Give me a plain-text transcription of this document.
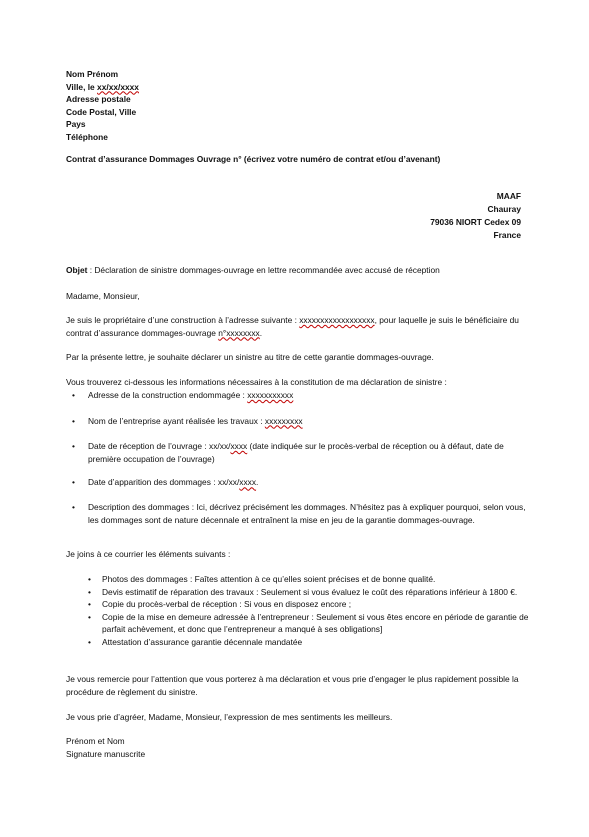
Nom Prénom
Ville, le xx/xx/xxxx
Adresse postale
Code Postal, Ville
Pays
Téléphone
Contrat d’assurance Dommages Ouvrage n° (écrivez votre numéro de contrat et/ou d’avenant)
MAAF
Chauray
79036 NIORT Cedex 09
France
Objet : Déclaration de sinistre dommages-ouvrage en lettre recommandée avec accusé de réception
Madame, Monsieur,

Je suis le propriétaire d’une construction à l’adresse suivante : xxxxxxxxxxxxxxxxxx, pour laquelle je suis le bénéficiaire du contrat d’assurance dommages-ouvrage n°xxxxxxxx.

Par la présente lettre, je souhaite déclarer un sinistre au titre de cette garantie dommages-ouvrage.
Vous trouverez ci-dessous les informations nécessaires à la constitution de ma déclaration de sinistre :
• Adresse de la construction endommagée : xxxxxxxxxxx
• Nom de l’entreprise ayant réalisée les travaux : xxxxxxxxx
• Date de réception de l’ouvrage : xx/xx/xxxx (date indiquée sur le procès-verbal de réception ou à défaut, date de première occupation de l’ouvrage)
• Date d’apparition des dommages : xx/xx/xxxx.
• Description des dommages : Ici, décrivez précisément les dommages. N’hésitez pas à expliquer pourquoi, selon vous, les dommages sont de nature décennale et entraînent la mise en jeu de la garantie dommages-ouvrage.
Je joins à ce courrier les éléments suivants :
• Photos des dommages : Faîtes attention à ce qu’elles soient précises et de bonne qualité.
• Devis estimatif de réparation des travaux : Seulement si vous évaluez le coût des réparations inférieur à 1800 €.
• Copie du procès-verbal de réception : Si vous en disposez encore ;
• Copie de la mise en demeure adressée à l’entrepreneur : Seulement si vous êtes encore en période de garantie de parfait achèvement, et donc que l’entrepreneur a manqué à ses obligations]
• Attestation d’assurance garantie décennale mandatée

Je vous remercie pour l’attention que vous porterez à ma déclaration et vous prie d’engager le plus rapidement possible la procédure de règlement du sinistre.

Je vous prie d’agréer, Madame, Monsieur, l’expression de mes sentiments les meilleurs.
Prénom et Nom
Signature manuscrite
